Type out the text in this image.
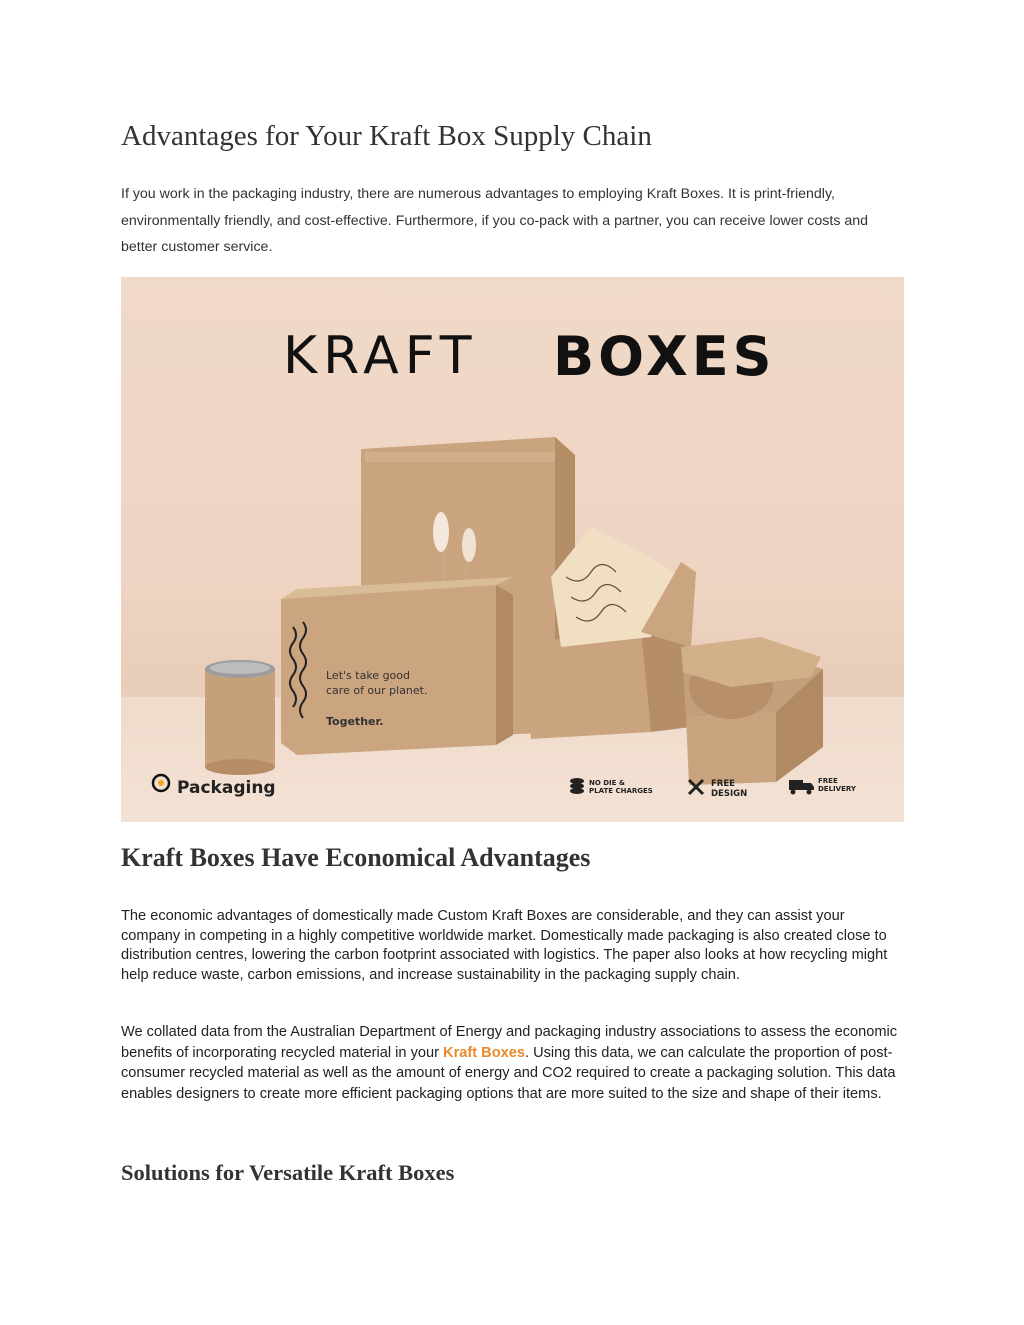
Advantages for Your Kraft Box Supply Chain

If you work in the packaging industry, there are numerous advantages to employing Kraft Boxes. It is print-friendly, environmentally friendly, and cost-effective. Furthermore, if you co-pack with a partner, you can receive lower costs and better customer service.

KRAFT BOXES
Let's take good
care of our planet.
Together.
Packaging	NO DIE &
PLATE CHARGES
FREE
DESIGN
FREE
DELIVERY
Kraft Boxes Have Economical Advantages

The economic advantages of domestically made Custom Kraft Boxes are considerable, and they can assist your company in competing in a highly competitive worldwide market. Domestically made packaging is also created close to distribution centres, lowering the carbon footprint associated with logistics. The paper also looks at how recycling might help reduce waste, carbon emissions, and increase sustainability in the packaging supply chain.

We collated data from the Australian Department of Energy and packaging industry associations to assess the economic benefits of incorporating recycled material in your Kraft Boxes. Using this data, we can calculate the proportion of post-consumer recycled material as well as the amount of energy and CO2 required to create a packaging solution. This data enables designers to create more efficient packaging options that are more suited to the size and shape of their items.

Solutions for Versatile Kraft Boxes
